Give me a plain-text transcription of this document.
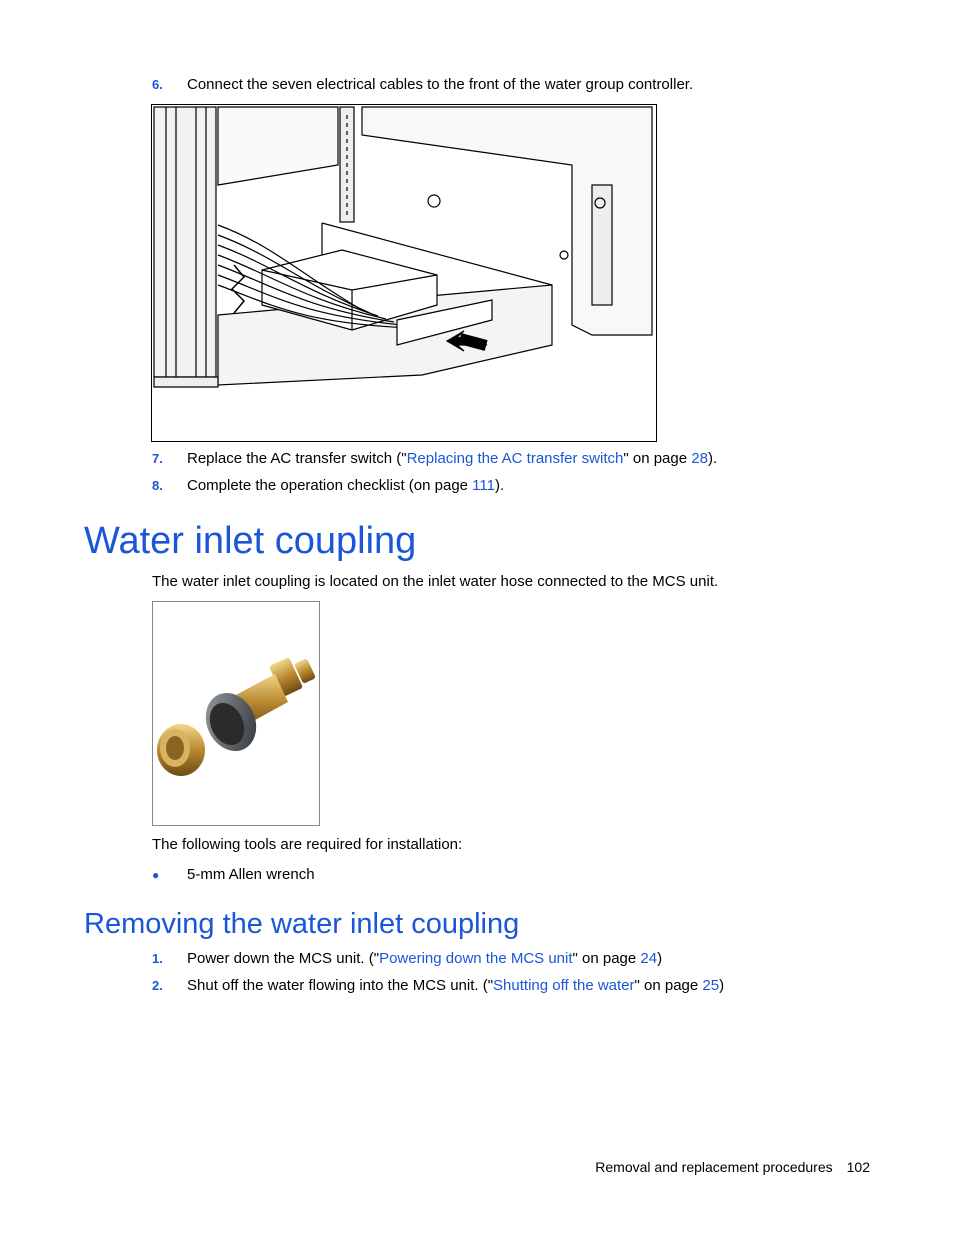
6. Connect the seven electrical cables to the front of the water group controller.
7. Replace the AC transfer switch ("Replacing the AC transfer switch" on page 28).
8. Complete the operation checklist (on page 111).
Water inlet coupling
The water inlet coupling is located on the inlet water hose connected to the MCS unit.
The following tools are required for installation:
● 5-mm Allen wrench
Removing the water inlet coupling
1. Power down the MCS unit. ("Powering down the MCS unit" on page 24)
2. Shut off the water flowing into the MCS unit. ("Shutting off the water" on page 25)
Removal and replacement procedures 102
